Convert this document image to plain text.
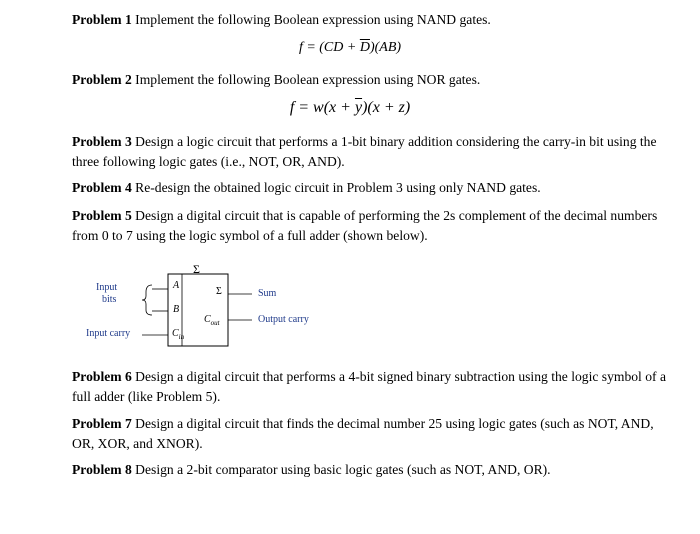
Problem 1 Implement the following Boolean expression using NAND gates.
$f = (CD + \overline{D})(AB)$
Problem 2 Implement the following Boolean expression using NOR gates.
$f = w(x + \overline{y})(x + z)$
Problem 3 Design a logic circuit that performs a 1-bit binary addition considering the carry-in bit using the three following logic gates (i.e., NOT, OR, AND).
Problem 4 Re-design the obtained logic circuit in Problem 3 using only NAND gates.
Problem 5 Design a digital circuit that is capable of performing the 2s complement of the decimal numbers from 0 to 7 using the logic symbol of a full adder (shown below).
Σ
A
B
$C_{in}$
Σ
$C_{out}$
Input
bits
Input carry
Sum
Output carry
Problem 6 Design a digital circuit that performs a 4-bit signed binary subtraction using the logic symbol of a full adder (like Problem 5).
Problem 7 Design a digital circuit that finds the decimal number 25 using logic gates (such as NOT, AND, OR, XOR, and XNOR).
Problem 8 Design a 2-bit comparator using basic logic gates (such as NOT, AND, OR).
